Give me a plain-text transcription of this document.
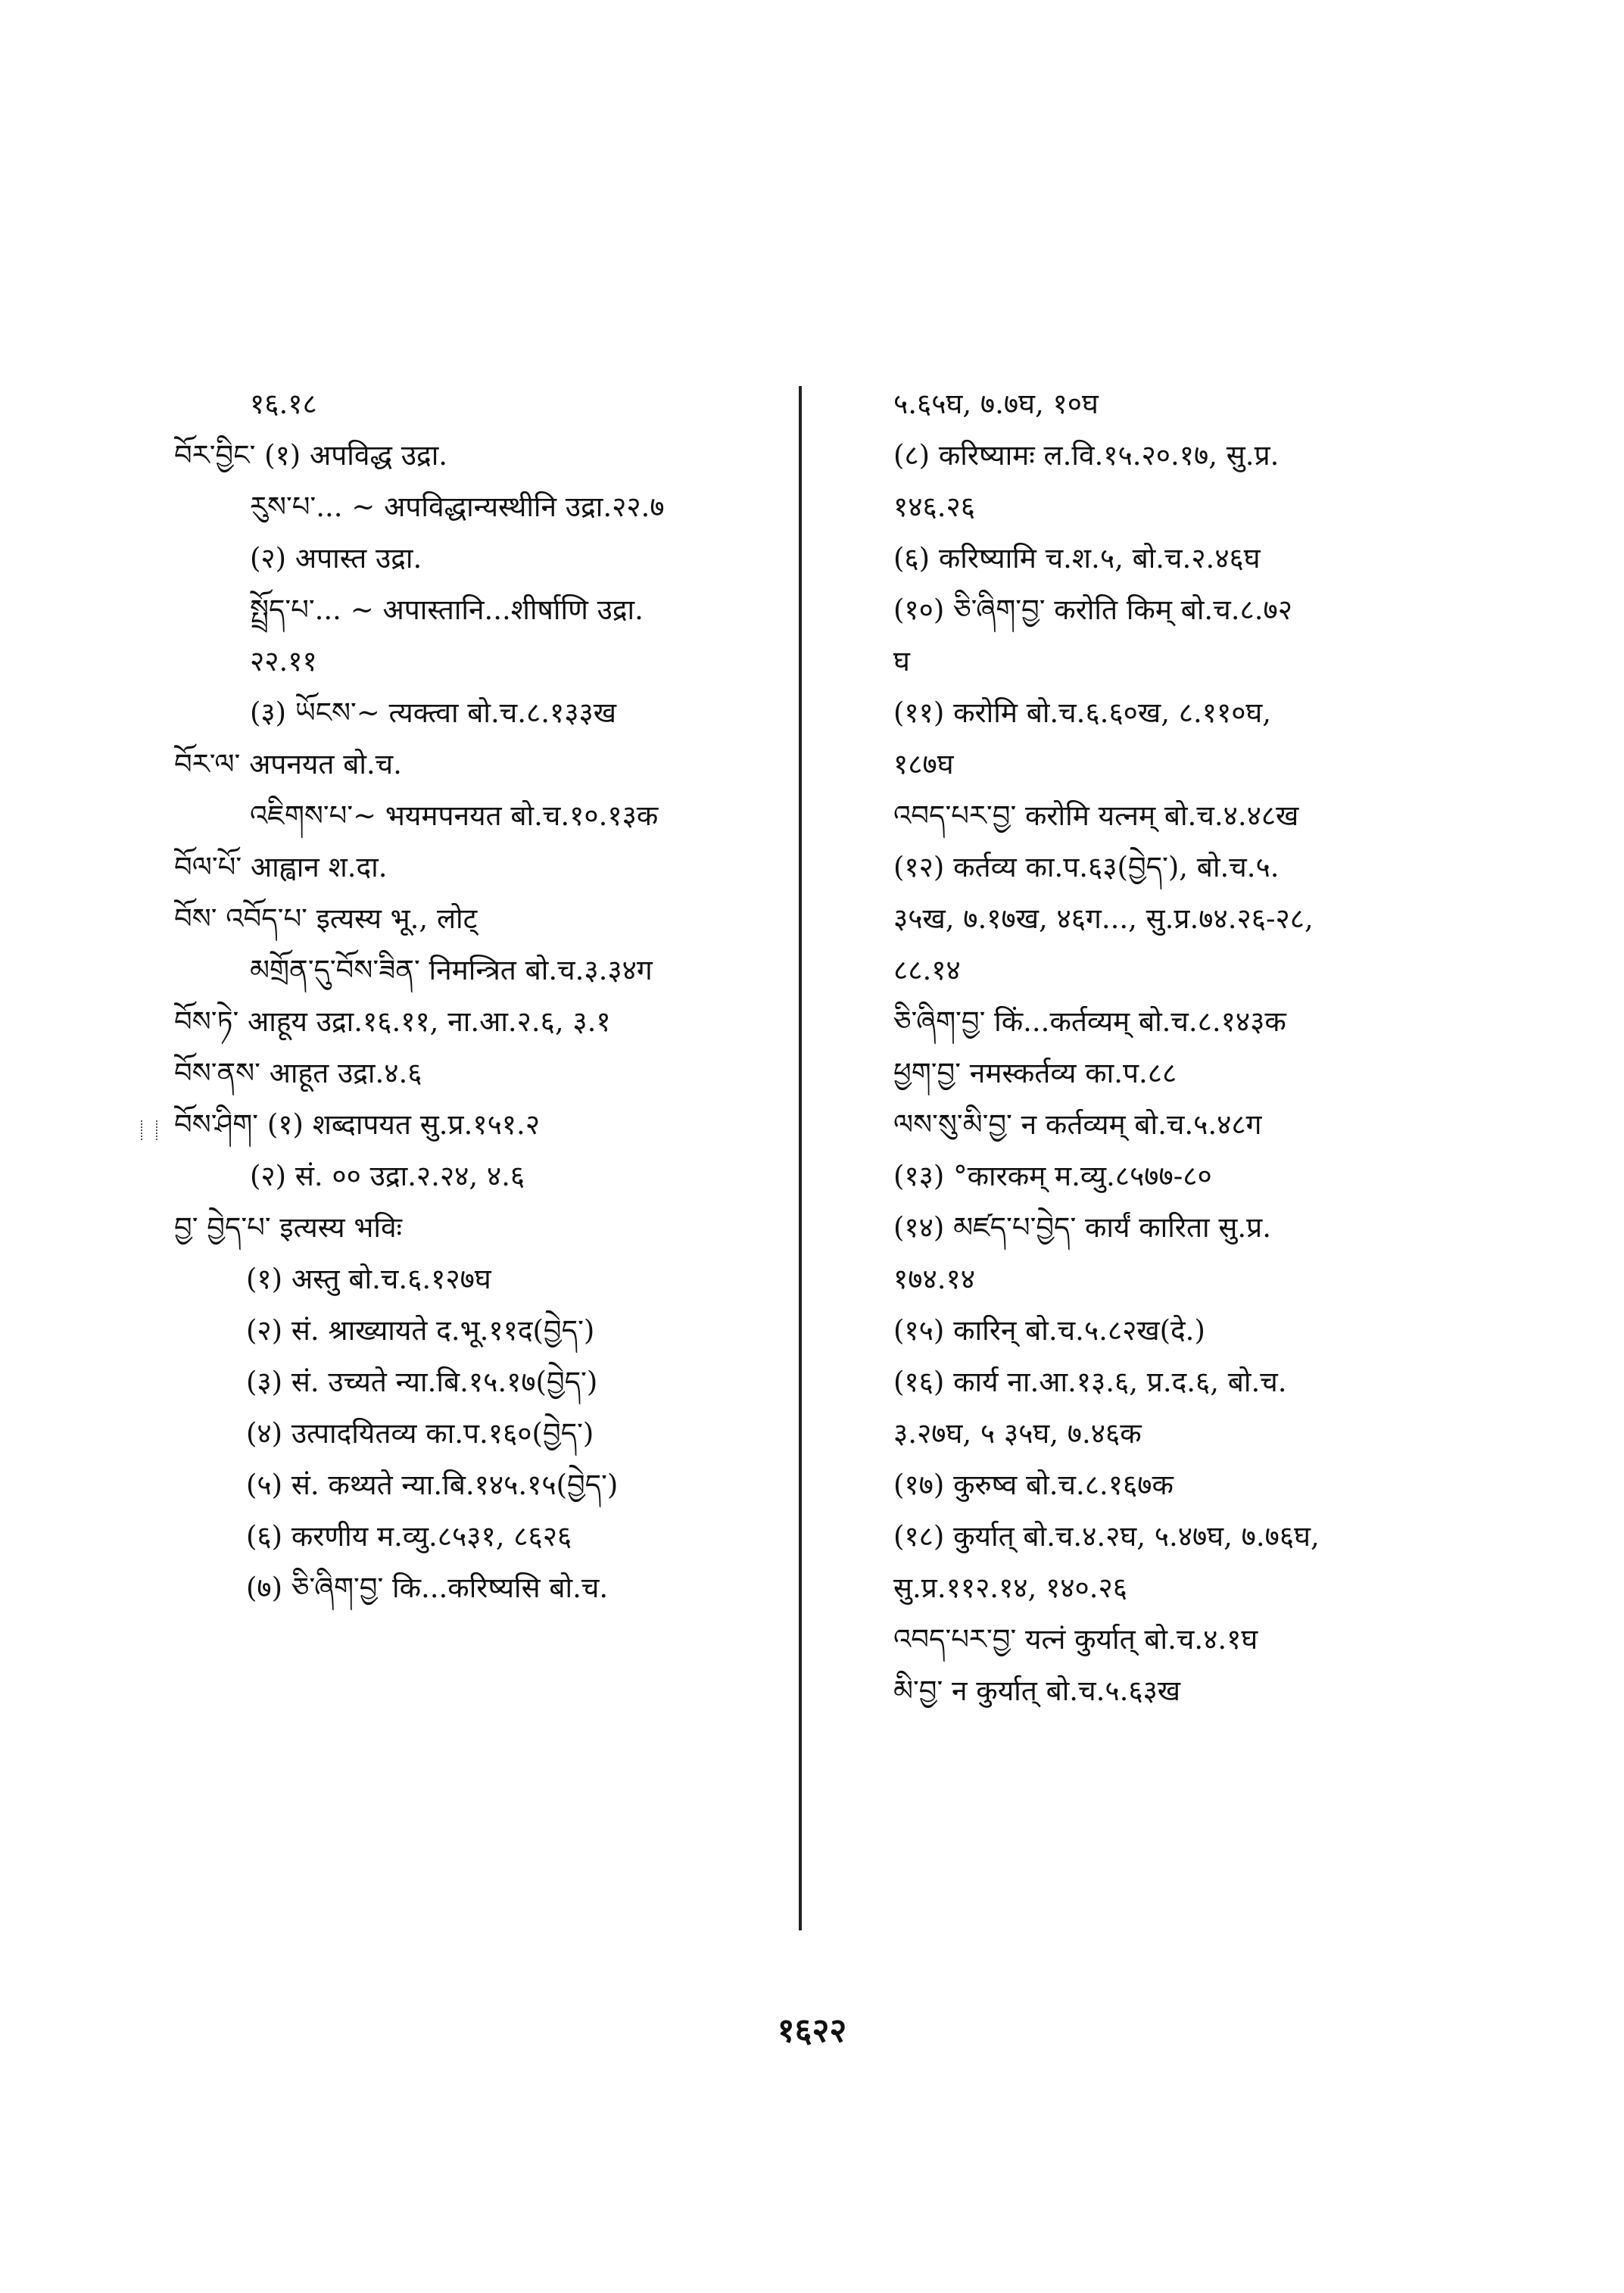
१६.१८
བོར་བྱིང་ (१) अपविद्ध उद्रा.
རུས་པ་... ~ अपविद्धान्यस्थीनि उद्रा.२२.७
(२) अपास्त उद्रा.
སྤྲོད་པ་... ~ अपास्तानि...शीर्षाणि उद्रा.
२२.११
(३) ཡོངས་~ त्यक्त्वा बो.च.८.१३३ख
བོར་ལ་ अपनयत बो.च.
འཇིགས་པ་~ भयमपनयत बो.च.१०.१३क
བོལ་པོ་ आह्वान श.दा.
བོས་ འབོད་པ་ इत्यस्य भू., लोट्
མགྲོན་དུ་བོས་ཟིན་ निमन्त्रित बो.च.३.३४ग
བོས་ཏེ་ आहूय उद्रा.१६.११, ना.आ.२.६, ३.१
བོས་ནས་ आहूत उद्रा.४.६
བོས་ཤིག་ (१) शब्दापयत सु.प्र.१५१.२
(२) सं. ०० उद्रा.२.२४, ४.६
བྱ་ བྱེད་པ་ इत्यस्य भविः
(१) अस्तु बो.च.६.१२७घ
(२) सं. श्राख्यायते द.भू.११द(བྱེད་)
(३) सं. उच्यते न्या.बि.१५.१७(བྱེད་)
(४) उत्पादयितव्य का.प.१६०(བྱེད་)
(५) सं. कथ्यते न्या.बि.१४५.१५(བྱེད་)
(६) करणीय म.व्यु.८५३१, ८६२६
(७) ཅི་ཞིག་བྱ་ कि...करिष्यसि बो.च.
५.६५घ, ७.७घ, १०घ
(८) करिष्यामः ल.वि.१५.२०.१७, सु.प्र.
१४६.२६
(६) करिष्यामि च.श.५, बो.च.२.४६घ
(१०) ཅི་ཞིག་བྱ་ करोति किम् बो.च.८.७२
घ
(११) करोमि बो.च.६.६०ख, ८.११०घ,
१८७घ
འབད་པར་བྱ་ करोमि यत्नम् बो.च.४.४८ख
(१२) कर्तव्य का.प.६३(བྱེད་), बो.च.५.
३५ख, ७.१७ख, ४६ग..., सु.प्र.७४.२६-२८,
८८.१४
ཅི་ཞིག་བྱ་ किं...कर्तव्यम् बो.च.८.१४३क
ཕྱག་བྱ་ नमस्कर्तव्य का.प.८८
ལས་སུ་མི་བྱ་ न कर्तव्यम् बो.च.५.४८ग
(१३) °कारकम् म.व्यु.८५७७-८०
(१४) མཛད་པ་བྱེད་ कार्यं कारिता सु.प्र.
१७४.१४
(१५) कारिन् बो.च.५.८२ख(दे.)
(१६) कार्य ना.आ.१३.६, प्र.द.६, बो.च.
३.२७घ, ५ ३५घ, ७.४६क
(१७) कुरुष्व बो.च.८.१६७क
(१८) कुर्यात् बो.च.४.२घ, ५.४७घ, ७.७६घ,
सु.प्र.११२.१४, १४०.२६
འབད་པར་བྱ་ यत्नं कुर्यात् बो.च.४.१घ
མི་བྱ་ न कुर्यात् बो.च.५.६३ख
१६२२
